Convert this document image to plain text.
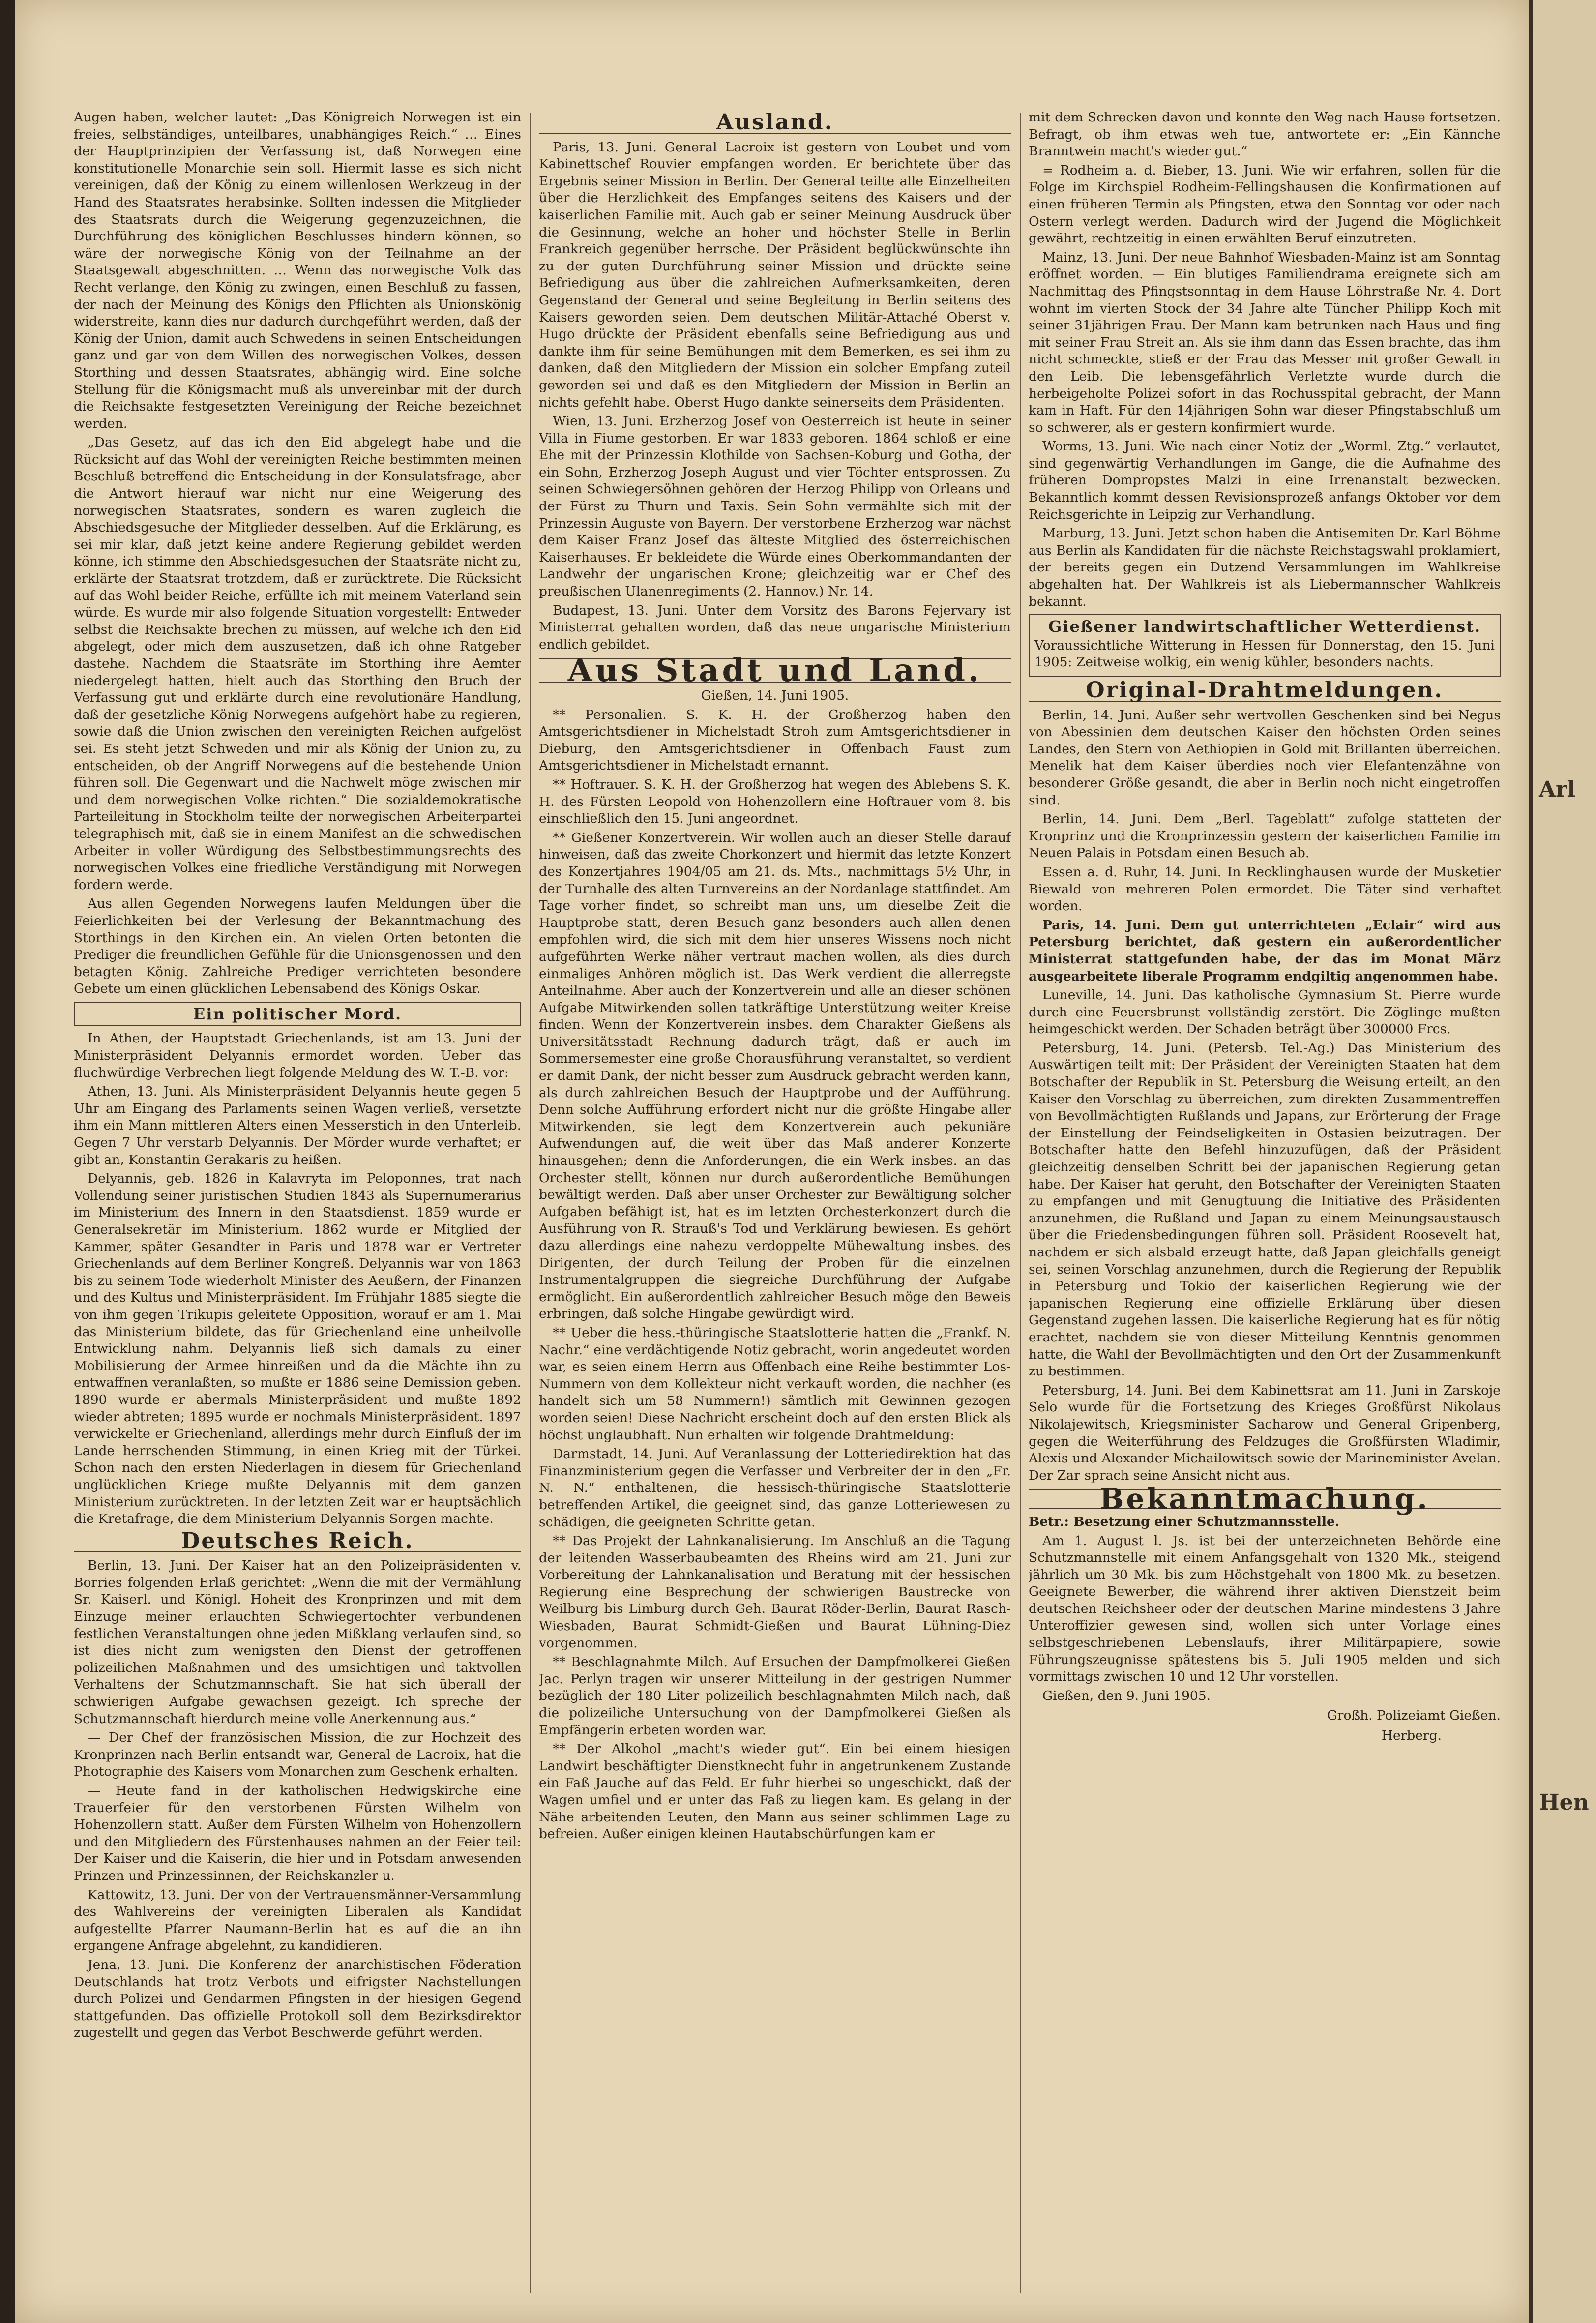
Augen haben, welcher lautet: „Das Königreich Norwegen ist ein freies, selbständiges, unteilbares, unabhängiges Reich.“ … Eines der Hauptprinzipien der Verfassung ist, daß Norwegen eine konstitutionelle Monarchie sein soll. Hiermit lasse es sich nicht vereinigen, daß der König zu einem willenlosen Werkzeug in der Hand des Staatsrates herabsinke. Sollten indessen die Mitglieder des Staatsrats durch die Weigerung gegenzuzeichnen, die Durchführung des königlichen Beschlusses hindern können, so wäre der norwegische König von der Teilnahme an der Staatsgewalt abgeschnitten. … Wenn das norwegische Volk das Recht verlange, den König zu zwingen, einen Beschluß zu fassen, der nach der Meinung des Königs den Pflichten als Unionskönig widerstreite, kann dies nur dadurch durchgeführt werden, daß der König der Union, damit auch Schwedens in seinen Entscheidungen ganz und gar von dem Willen des norwegischen Volkes, dessen Storthing und dessen Staatsrates, abhängig wird. Eine solche Stellung für die Königsmacht muß als unvereinbar mit der durch die Reichsakte festgesetzten Vereinigung der Reiche bezeichnet werden.

„Das Gesetz, auf das ich den Eid abgelegt habe und die Rücksicht auf das Wohl der vereinigten Reiche bestimmten meinen Beschluß betreffend die Entscheidung in der Konsulatsfrage, aber die Antwort hierauf war nicht nur eine Weigerung des norwegischen Staatsrates, sondern es waren zugleich die Abschiedsgesuche der Mitglieder desselben. Auf die Erklärung, es sei mir klar, daß jetzt keine andere Regierung gebildet werden könne, ich stimme den Abschiedsgesuchen der Staatsräte nicht zu, erklärte der Staatsrat trotzdem, daß er zurücktrete. Die Rücksicht auf das Wohl beider Reiche, erfüllte ich mit meinem Vaterland sein würde. Es wurde mir also folgende Situation vorgestellt: Entweder selbst die Reichsakte brechen zu müssen, auf welche ich den Eid abgelegt, oder mich dem auszusetzen, daß ich ohne Ratgeber dastehe. Nachdem die Staatsräte im Storthing ihre Aemter niedergelegt hatten, hielt auch das Storthing den Bruch der Verfassung gut und erklärte durch eine revolutionäre Handlung, daß der gesetzliche König Norwegens aufgehört habe zu regieren, sowie daß die Union zwischen den vereinigten Reichen aufgelöst sei. Es steht jetzt Schweden und mir als König der Union zu, zu entscheiden, ob der Angriff Norwegens auf die bestehende Union führen soll. Die Gegenwart und die Nachwelt möge zwischen mir und dem norwegischen Volke richten.“ Die sozialdemokratische Parteileitung in Stockholm teilte der norwegischen Arbeiterpartei telegraphisch mit, daß sie in einem Manifest an die schwedischen Arbeiter in voller Würdigung des Selbstbestimmungsrechts des norwegischen Volkes eine friedliche Verständigung mit Norwegen fordern werde.

Aus allen Gegenden Norwegens laufen Meldungen über die Feierlichkeiten bei der Verlesung der Bekanntmachung des Storthings in den Kirchen ein. An vielen Orten betonten die Prediger die freundlichen Gefühle für die Unionsgenossen und den betagten König. Zahlreiche Prediger verrichteten besondere Gebete um einen glücklichen Lebensabend des Königs Oskar.

Ein politischer Mord.

In Athen, der Hauptstadt Griechenlands, ist am 13. Juni der Ministerpräsident Delyannis ermordet worden. Ueber das fluchwürdige Verbrechen liegt folgende Meldung des W. T.-B. vor:

Athen, 13. Juni. Als Ministerpräsident Delyannis heute gegen 5 Uhr am Eingang des Parlaments seinen Wagen verließ, versetzte ihm ein Mann mittleren Alters einen Messerstich in den Unterleib. Gegen 7 Uhr verstarb Delyannis. Der Mörder wurde verhaftet; er gibt an, Konstantin Gerakaris zu heißen.

Delyannis, geb. 1826 in Kalavryta im Peloponnes, trat nach Vollendung seiner juristischen Studien 1843 als Supernumerarius im Ministerium des Innern in den Staatsdienst. 1859 wurde er Generalsekretär im Ministerium. 1862 wurde er Mitglied der Kammer, später Gesandter in Paris und 1878 war er Vertreter Griechenlands auf dem Berliner Kongreß. Delyannis war von 1863 bis zu seinem Tode wiederholt Minister des Aeußern, der Finanzen und des Kultus und Ministerpräsident. Im Frühjahr 1885 siegte die von ihm gegen Trikupis geleitete Opposition, worauf er am 1. Mai das Ministerium bildete, das für Griechenland eine unheilvolle Entwicklung nahm. Delyannis ließ sich damals zu einer Mobilisierung der Armee hinreißen und da die Mächte ihn zu entwaffnen veranlaßten, so mußte er 1886 seine Demission geben. 1890 wurde er abermals Ministerpräsident und mußte 1892 wieder abtreten; 1895 wurde er nochmals Ministerpräsident. 1897 verwickelte er Griechenland, allerdings mehr durch Einfluß der im Lande herrschenden Stimmung, in einen Krieg mit der Türkei. Schon nach den ersten Niederlagen in diesem für Griechenland unglücklichen Kriege mußte Delyannis mit dem ganzen Ministerium zurücktreten. In der letzten Zeit war er hauptsächlich die Kretafrage, die dem Ministerium Delyannis Sorgen machte.

Deutsches Reich.

Berlin, 13. Juni. Der Kaiser hat an den Polizeipräsidenten v. Borries folgenden Erlaß gerichtet: „Wenn die mit der Vermählung Sr. Kaiserl. und Königl. Hoheit des Kronprinzen und mit dem Einzuge meiner erlauchten Schwiegertochter verbundenen festlichen Veranstaltungen ohne jeden Mißklang verlaufen sind, so ist dies nicht zum wenigsten den Dienst der getroffenen polizeilichen Maßnahmen und des umsichtigen und taktvollen Verhaltens der Schutzmannschaft. Sie hat sich überall der schwierigen Aufgabe gewachsen gezeigt. Ich spreche der Schutzmannschaft hierdurch meine volle Anerkennung aus.“

— Der Chef der französischen Mission, die zur Hochzeit des Kronprinzen nach Berlin entsandt war, General de Lacroix, hat die Photographie des Kaisers vom Monarchen zum Geschenk erhalten.

— Heute fand in der katholischen Hedwigskirche eine Trauerfeier für den verstorbenen Fürsten Wilhelm von Hohenzollern statt. Außer dem Fürsten Wilhelm von Hohenzollern und den Mitgliedern des Fürstenhauses nahmen an der Feier teil: Der Kaiser und die Kaiserin, die hier und in Potsdam anwesenden Prinzen und Prinzessinnen, der Reichskanzler u.

Kattowitz, 13. Juni. Der von der Vertrauensmänner-Versammlung des Wahlvereins der vereinigten Liberalen als Kandidat aufgestellte Pfarrer Naumann-Berlin hat es auf die an ihn ergangene Anfrage abgelehnt, zu kandidieren.

Jena, 13. Juni. Die Konferenz der anarchistischen Föderation Deutschlands hat trotz Verbots und eifrigster Nachstellungen durch Polizei und Gendarmen Pfingsten in der hiesigen Gegend stattgefunden. Das offizielle Protokoll soll dem Bezirksdirektor zugestellt und gegen das Verbot Beschwerde geführt werden.

Ausland.

Paris, 13. Juni. General Lacroix ist gestern von Loubet und vom Kabinettschef Rouvier empfangen worden. Er berichtete über das Ergebnis seiner Mission in Berlin. Der General teilte alle Einzelheiten über die Herzlichkeit des Empfanges seitens des Kaisers und der kaiserlichen Familie mit. Auch gab er seiner Meinung Ausdruck über die Gesinnung, welche an hoher und höchster Stelle in Berlin Frankreich gegenüber herrsche. Der Präsident beglückwünschte ihn zu der guten Durchführung seiner Mission und drückte seine Befriedigung aus über die zahlreichen Aufmerksamkeiten, deren Gegenstand der General und seine Begleitung in Berlin seitens des Kaisers geworden seien. Dem deutschen Militär-Attaché Oberst v. Hugo drückte der Präsident ebenfalls seine Befriedigung aus und dankte ihm für seine Bemühungen mit dem Bemerken, es sei ihm zu danken, daß den Mitgliedern der Mission ein solcher Empfang zuteil geworden sei und daß es den Mitgliedern der Mission in Berlin an nichts gefehlt habe. Oberst Hugo dankte seinerseits dem Präsidenten.

Wien, 13. Juni. Erzherzog Josef von Oesterreich ist heute in seiner Villa in Fiume gestorben. Er war 1833 geboren. 1864 schloß er eine Ehe mit der Prinzessin Klothilde von Sachsen-Koburg und Gotha, der ein Sohn, Erzherzog Joseph August und vier Töchter entsprossen. Zu seinen Schwiegersöhnen gehören der Herzog Philipp von Orleans und der Fürst zu Thurn und Taxis. Sein Sohn vermählte sich mit der Prinzessin Auguste von Bayern. Der verstorbene Erzherzog war nächst dem Kaiser Franz Josef das älteste Mitglied des österreichischen Kaiserhauses. Er bekleidete die Würde eines Oberkommandanten der Landwehr der ungarischen Krone; gleichzeitig war er Chef des preußischen Ulanenregiments (2. Hannov.) Nr. 14.

Budapest, 13. Juni. Unter dem Vorsitz des Barons Fejervary ist Ministerrat gehalten worden, daß das neue ungarische Ministerium endlich gebildet.

Aus Stadt und Land.
Gießen, 14. Juni 1905.

** Personalien. S. K. H. der Großherzog haben den Amtsgerichtsdiener in Michelstadt Stroh zum Amtsgerichtsdiener in Dieburg, den Amtsgerichtsdiener in Offenbach Faust zum Amtsgerichtsdiener in Michelstadt ernannt.

** Hoftrauer. S. K. H. der Großherzog hat wegen des Ablebens S. K. H. des Fürsten Leopold von Hohenzollern eine Hoftrauer vom 8. bis einschließlich den 15. Juni angeordnet.

** Gießener Konzertverein. Wir wollen auch an dieser Stelle darauf hinweisen, daß das zweite Chorkonzert und hiermit das letzte Konzert des Konzertjahres 1904/05 am 21. ds. Mts., nachmittags 5½ Uhr, in der Turnhalle des alten Turnvereins an der Nordanlage stattfindet. Am Tage vorher findet, so schreibt man uns, um dieselbe Zeit die Hauptprobe statt, deren Besuch ganz besonders auch allen denen empfohlen wird, die sich mit dem hier unseres Wissens noch nicht aufgeführten Werke näher vertraut machen wollen, als dies durch einmaliges Anhören möglich ist. Das Werk verdient die allerregste Anteilnahme. Aber auch der Konzertverein und alle an dieser schönen Aufgabe Mitwirkenden sollen tatkräftige Unterstützung weiter Kreise finden. Wenn der Konzertverein insbes. dem Charakter Gießens als Universitätsstadt Rechnung dadurch trägt, daß er auch im Sommersemester eine große Chorausführung veranstaltet, so verdient er damit Dank, der nicht besser zum Ausdruck gebracht werden kann, als durch zahlreichen Besuch der Hauptprobe und der Aufführung. Denn solche Aufführung erfordert nicht nur die größte Hingabe aller Mitwirkenden, sie legt dem Konzertverein auch pekuniäre Aufwendungen auf, die weit über das Maß anderer Konzerte hinausgehen; denn die Anforderungen, die ein Werk insbes. an das Orchester stellt, können nur durch außerordentliche Bemühungen bewältigt werden. Daß aber unser Orchester zur Bewältigung solcher Aufgaben befähigt ist, hat es im letzten Orchesterkonzert durch die Ausführung von R. Strauß's Tod und Verklärung bewiesen. Es gehört dazu allerdings eine nahezu verdoppelte Mühewaltung insbes. des Dirigenten, der durch Teilung der Proben für die einzelnen Instrumentalgruppen die siegreiche Durchführung der Aufgabe ermöglicht. Ein außerordentlich zahlreicher Besuch möge den Beweis erbringen, daß solche Hingabe gewürdigt wird.

** Ueber die hess.-thüringische Staatslotterie hatten die „Frankf. N. Nachr.“ eine verdächtigende Notiz gebracht, worin angedeutet worden war, es seien einem Herrn aus Offenbach eine Reihe bestimmter Los-Nummern von dem Kollekteur nicht verkauft worden, die nachher (es handelt sich um 58 Nummern!) sämtlich mit Gewinnen gezogen worden seien! Diese Nachricht erscheint doch auf den ersten Blick als höchst unglaubhaft. Nun erhalten wir folgende Drahtmeldung:

Darmstadt, 14. Juni. Auf Veranlassung der Lotteriedirektion hat das Finanzministerium gegen die Verfasser und Verbreiter der in den „Fr. N. N.“ enthaltenen, die hessisch-thüringische Staatslotterie betreffenden Artikel, die geeignet sind, das ganze Lotteriewesen zu schädigen, die geeigneten Schritte getan.

** Das Projekt der Lahnkanalisierung. Im Anschluß an die Tagung der leitenden Wasserbaubeamten des Rheins wird am 21. Juni zur Vorbereitung der Lahnkanalisation und Beratung mit der hessischen Regierung eine Besprechung der schwierigen Baustrecke von Weilburg bis Limburg durch Geh. Baurat Röder-Berlin, Baurat Rasch-Wiesbaden, Baurat Schmidt-Gießen und Baurat Lühning-Diez vorgenommen.

** Beschlagnahmte Milch. Auf Ersuchen der Dampfmolkerei Gießen Jac. Perlyn tragen wir unserer Mitteilung in der gestrigen Nummer bezüglich der 180 Liter polizeilich beschlagnahmten Milch nach, daß die polizeiliche Untersuchung von der Dampfmolkerei Gießen als Empfängerin erbeten worden war.

** Der Alkohol „macht's wieder gut“. Ein bei einem hiesigen Landwirt beschäftigter Dienstknecht fuhr in angetrunkenem Zustande ein Faß Jauche auf das Feld. Er fuhr hierbei so ungeschickt, daß der Wagen umfiel und er unter das Faß zu liegen kam. Es gelang in der Nähe arbeitenden Leuten, den Mann aus seiner schlimmen Lage zu befreien. Außer einigen kleinen Hautabschürfungen kam er

mit dem Schrecken davon und konnte den Weg nach Hause fortsetzen. Befragt, ob ihm etwas weh tue, antwortete er: „Ein Kännche Branntwein macht's wieder gut.“

= Rodheim a. d. Bieber, 13. Juni. Wie wir erfahren, sollen für die Folge im Kirchspiel Rodheim-Fellingshausen die Konfirmationen auf einen früheren Termin als Pfingsten, etwa den Sonntag vor oder nach Ostern verlegt werden. Dadurch wird der Jugend die Möglichkeit gewährt, rechtzeitig in einen erwählten Beruf einzutreten.

Mainz, 13. Juni. Der neue Bahnhof Wiesbaden-Mainz ist am Sonntag eröffnet worden. — Ein blutiges Familiendrama ereignete sich am Nachmittag des Pfingstsonntag in dem Hause Löhrstraße Nr. 4. Dort wohnt im vierten Stock der 34 Jahre alte Tüncher Philipp Koch mit seiner 31jährigen Frau. Der Mann kam betrunken nach Haus und fing mit seiner Frau Streit an. Als sie ihm dann das Essen brachte, das ihm nicht schmeckte, stieß er der Frau das Messer mit großer Gewalt in den Leib. Die lebensgefährlich Verletzte wurde durch die herbeigeholte Polizei sofort in das Rochusspital gebracht, der Mann kam in Haft. Für den 14jährigen Sohn war dieser Pfingstabschluß um so schwerer, als er gestern konfirmiert wurde.

Worms, 13. Juni. Wie nach einer Notiz der „Worml. Ztg.“ verlautet, sind gegenwärtig Verhandlungen im Gange, die die Aufnahme des früheren Dompropstes Malzi in eine Irrenanstalt bezwecken. Bekanntlich kommt dessen Revisionsprozeß anfangs Oktober vor dem Reichsgerichte in Leipzig zur Verhandlung.

Marburg, 13. Juni. Jetzt schon haben die Antisemiten Dr. Karl Böhme aus Berlin als Kandidaten für die nächste Reichstagswahl proklamiert, der bereits gegen ein Dutzend Versammlungen im Wahlkreise abgehalten hat. Der Wahlkreis ist als Liebermannscher Wahlkreis bekannt.

Gießener landwirtschaftlicher Wetterdienst.

Voraussichtliche Witterung in Hessen für Donnerstag, den 15. Juni 1905: Zeitweise wolkig, ein wenig kühler, besonders nachts.

Original-Drahtmeldungen.

Berlin, 14. Juni. Außer sehr wertvollen Geschenken sind bei Negus von Abessinien dem deutschen Kaiser den höchsten Orden seines Landes, den Stern von Aethiopien in Gold mit Brillanten überreichen. Menelik hat dem Kaiser überdies noch vier Elefantenzähne von besonderer Größe gesandt, die aber in Berlin noch nicht eingetroffen sind.

Berlin, 14. Juni. Dem „Berl. Tageblatt“ zufolge statteten der Kronprinz und die Kronprinzessin gestern der kaiserlichen Familie im Neuen Palais in Potsdam einen Besuch ab.

Essen a. d. Ruhr, 14. Juni. In Recklinghausen wurde der Musketier Biewald von mehreren Polen ermordet. Die Täter sind verhaftet worden.

Paris, 14. Juni. Dem gut unterrichteten „Eclair“ wird aus Petersburg berichtet, daß gestern ein außerordentlicher Ministerrat stattgefunden habe, der das im Monat März ausgearbeitete liberale Programm endgiltig angenommen habe.

Luneville, 14. Juni. Das katholische Gymnasium St. Pierre wurde durch eine Feuersbrunst vollständig zerstört. Die Zöglinge mußten heimgeschickt werden. Der Schaden beträgt über 300000 Frcs.

Petersburg, 14. Juni. (Petersb. Tel.-Ag.) Das Ministerium des Auswärtigen teilt mit: Der Präsident der Vereinigten Staaten hat dem Botschafter der Republik in St. Petersburg die Weisung erteilt, an den Kaiser den Vorschlag zu überreichen, zum direkten Zusammentreffen von Bevollmächtigten Rußlands und Japans, zur Erörterung der Frage der Einstellung der Feindseligkeiten in Ostasien beizutragen. Der Botschafter hatte den Befehl hinzuzufügen, daß der Präsident gleichzeitig denselben Schritt bei der japanischen Regierung getan habe. Der Kaiser hat geruht, den Botschafter der Vereinigten Staaten zu empfangen und mit Genugtuung die Initiative des Präsidenten anzunehmen, die Rußland und Japan zu einem Meinungsaustausch über die Friedensbedingungen führen soll. Präsident Roosevelt hat, nachdem er sich alsbald erzeugt hatte, daß Japan gleichfalls geneigt sei, seinen Vorschlag anzunehmen, durch die Regierung der Republik in Petersburg und Tokio der kaiserlichen Regierung wie der japanischen Regierung eine offizielle Erklärung über diesen Gegenstand zugehen lassen. Die kaiserliche Regierung hat es für nötig erachtet, nachdem sie von dieser Mitteilung Kenntnis genommen hatte, die Wahl der Bevollmächtigten und den Ort der Zusammenkunft zu bestimmen.

Petersburg, 14. Juni. Bei dem Kabinettsrat am 11. Juni in Zarskoje Selo wurde für die Fortsetzung des Krieges Großfürst Nikolaus Nikolajewitsch, Kriegsminister Sacharow und General Gripenberg, gegen die Weiterführung des Feldzuges die Großfürsten Wladimir, Alexis und Alexander Michailowitsch sowie der Marineminister Avelan. Der Zar sprach seine Ansicht nicht aus.

Bekanntmachung.

Betr.: Besetzung einer Schutzmannsstelle.

Am 1. August l. Js. ist bei der unterzeichneten Behörde eine Schutzmannstelle mit einem Anfangsgehalt von 1320 Mk., steigend jährlich um 30 Mk. bis zum Höchstgehalt von 1800 Mk. zu besetzen. Geeignete Bewerber, die während ihrer aktiven Dienstzeit beim deutschen Reichsheer oder der deutschen Marine mindestens 3 Jahre Unteroffizier gewesen sind, wollen sich unter Vorlage eines selbstgeschriebenen Lebenslaufs, ihrer Militärpapiere, sowie Führungszeugnisse spätestens bis 5. Juli 1905 melden und sich vormittags zwischen 10 und 12 Uhr vorstellen.

Gießen, den 9. Juni 1905.

Großh. Polizeiamt Gießen.
Herberg.
Arl
Hen
